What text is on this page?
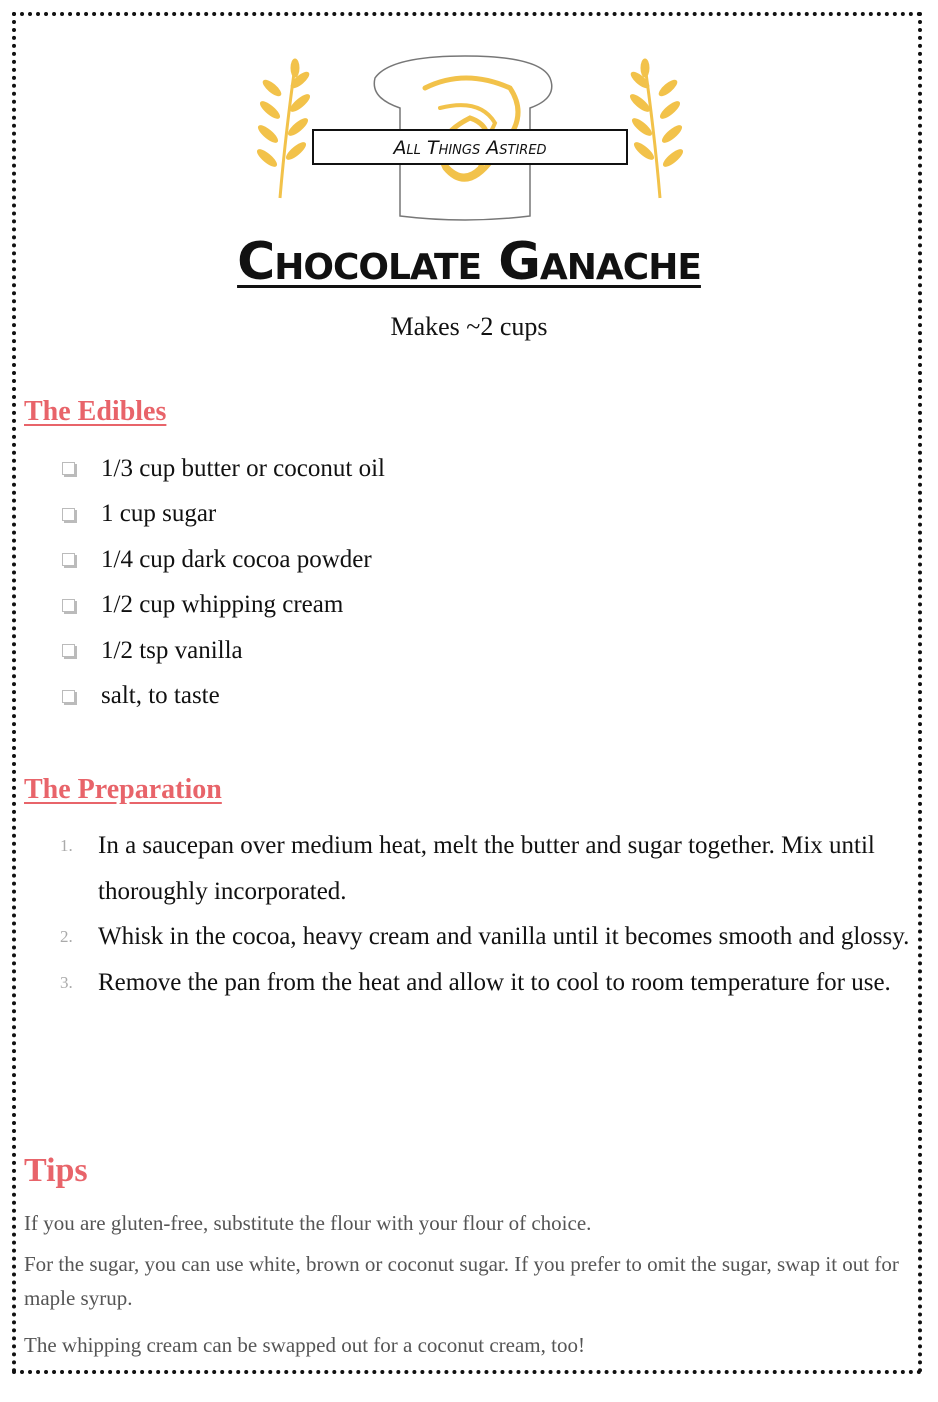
All Things Astired
Chocolate Ganache
Makes ~2 cups
The Edibles
1/3 cup butter or coconut oil
1 cup sugar
1/4 cup dark cocoa powder
1/2 cup whipping cream
1/2 tsp vanilla
salt, to taste
The Preparation
1.	In a saucepan over medium heat, melt the butter and sugar together. Mix until thoroughly incorporated.
2.	Whisk in the cocoa, heavy cream and vanilla until it becomes smooth and glossy.
3.	Remove the pan from the heat and allow it to cool to room temperature for use.
Tips
If you are gluten-free, substitute the flour with your flour of choice.
For the sugar, you can use white, brown or coconut sugar. If you prefer to omit the sugar, swap it out for maple syrup.
The whipping cream can be swapped out for a coconut cream, too!
